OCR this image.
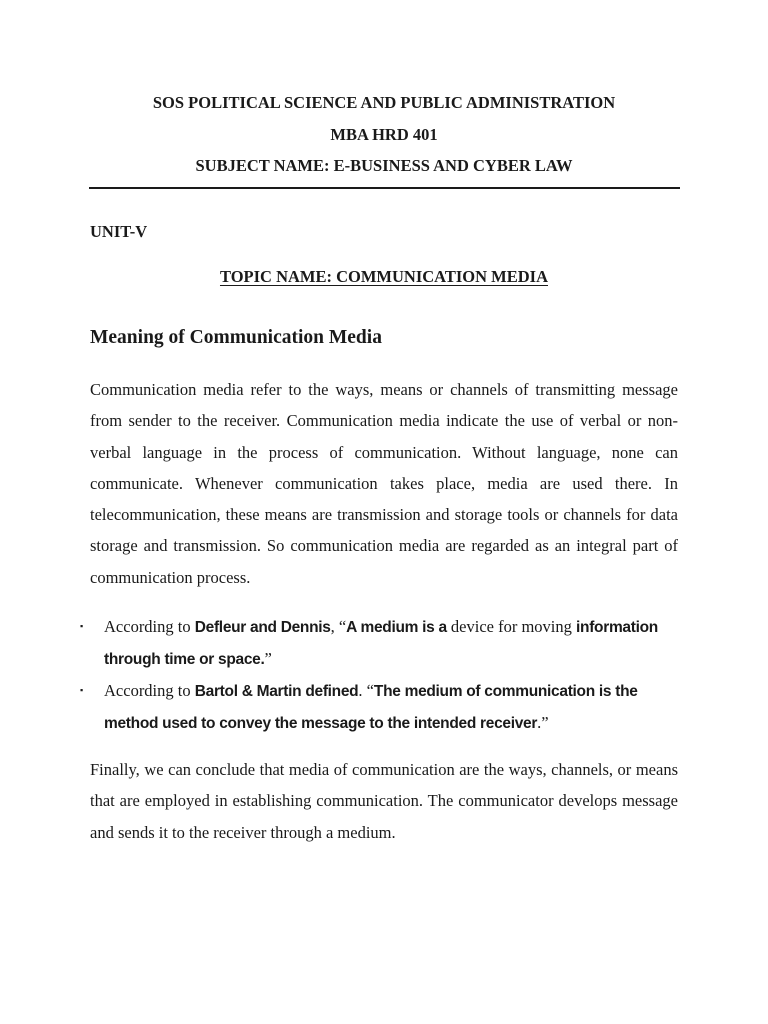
SOS POLITICAL SCIENCE AND PUBLIC ADMINISTRATION
MBA HRD 401
SUBJECT NAME: E-BUSINESS AND CYBER LAW
UNIT-V
TOPIC NAME: COMMUNICATION MEDIA
Meaning of Communication Media

Communication media refer to the ways, means or channels of transmitting message from sender to the receiver. Communication media indicate the use of verbal or non-verbal language in the process of communication. Without language, none can communicate. Whenever communication takes place, media are used there. In telecommunication, these means are transmission and storage tools or channels for data storage and transmission. So communication media are regarded as an integral part of communication process.

▪ According to Defleur and Dennis, “A medium is a device for moving information through time or space.”
▪ According to Bartol & Martin defined. “The medium of communication is the method used to convey the message to the intended receiver.”

Finally, we can conclude that media of communication are the ways, channels, or means that are employed in establishing communication. The communicator develops message and sends it to the receiver through a medium.
